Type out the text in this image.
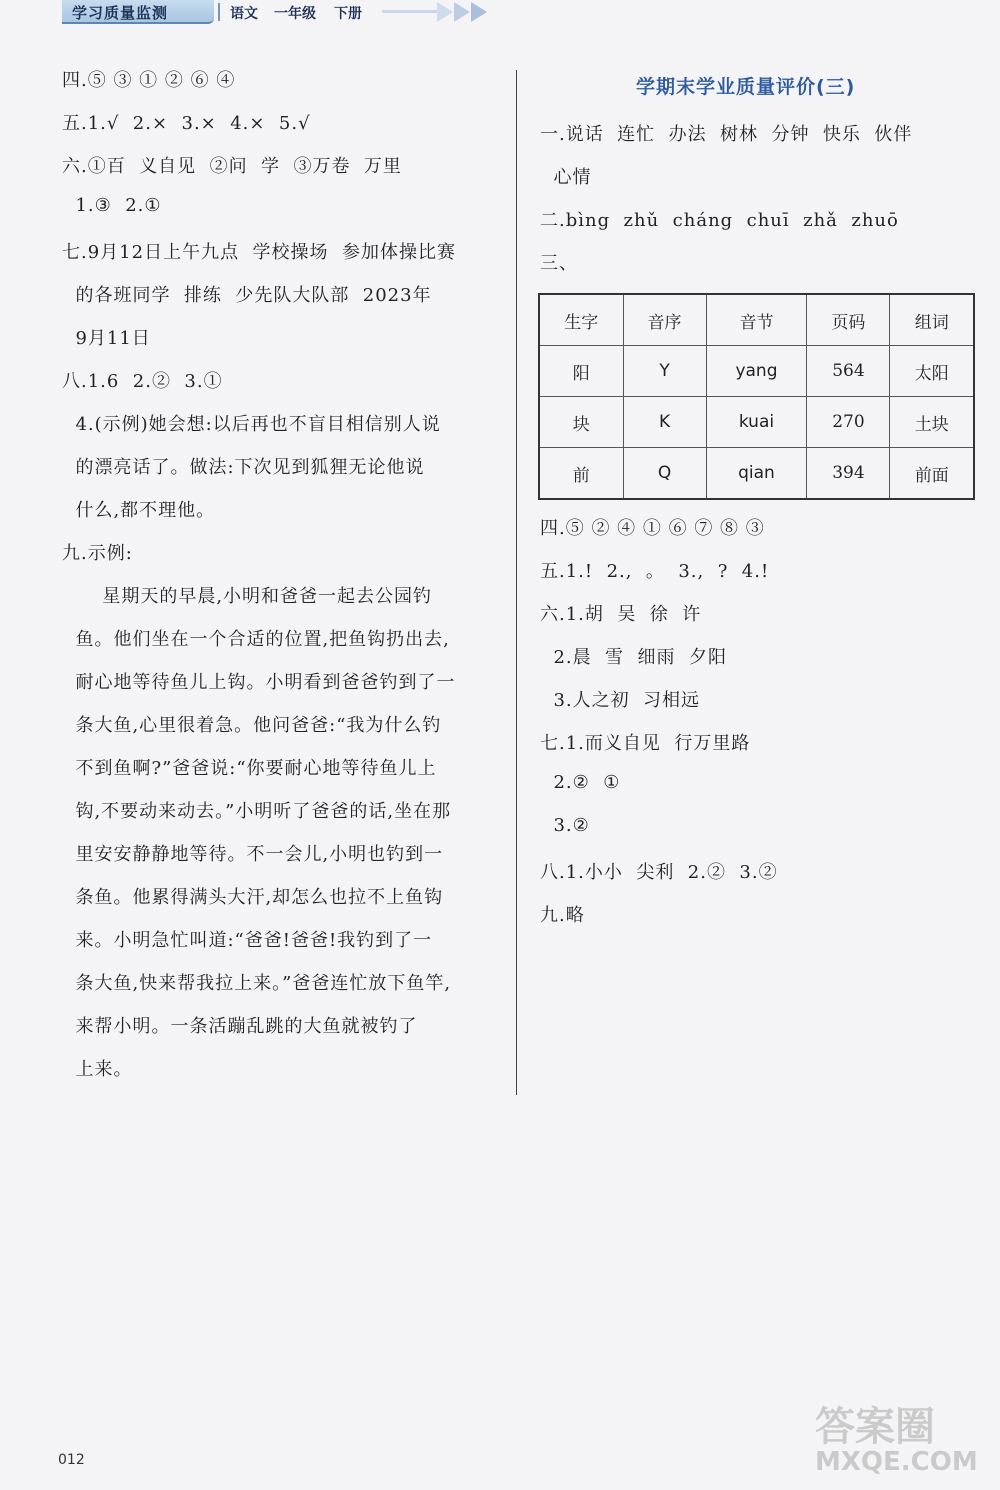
学习质量监测	语文 一年级 下册
四.⑤ ③ ① ② ⑥ ④
五.1.√  2.×  3.×  4.×  5.√
六.①百  义自见  ②问  学  ③万卷  万里
1.③  2.①
七.9月12日上午九点  学校操场  参加体操比赛
的各班同学  排练  少先队大队部  2023年
9月11日
八.1.6  2.②  3.①
4.(示例)她会想:以后再也不盲目相信别人说
的漂亮话了。做法:下次见到狐狸无论他说
什么,都不理他。
九.示例:
星期天的早晨,小明和爸爸一起去公园钓
鱼。他们坐在一个合适的位置,把鱼钩扔出去,
耐心地等待鱼儿上钩。小明看到爸爸钓到了一
条大鱼,心里很着急。他问爸爸:“我为什么钓
不到鱼啊?”爸爸说:“你要耐心地等待鱼儿上
钩,不要动来动去。”小明听了爸爸的话,坐在那
里安安静静地等待。不一会儿,小明也钓到一
条鱼。他累得满头大汗,却怎么也拉不上鱼钩
来。小明急忙叫道:“爸爸!爸爸!我钓到了一
条大鱼,快来帮我拉上来。”爸爸连忙放下鱼竿,
来帮小明。一条活蹦乱跳的大鱼就被钓了
上来。
学期末学业质量评价(三)
一.说话  连忙  办法  树林  分钟  快乐  伙伴
心情
二.bìng  zhǔ  cháng  chuī  zhǎ  zhuō
三、
生字	音序	音节	页码	组词
阳	Y	yang	564	太阳
块	K	kuai	270	土块
前	Q	qian	394	前面
四.⑤ ② ④ ① ⑥ ⑦ ⑧ ③
五.1.!  2.,  。  3.,  ?  4.!
六.1.胡  吴  徐  许
2.晨  雪  细雨  夕阳
3.人之初  习相远
七.1.而义自见  行万里路
2.②  ①
3.②
八.1.小小  尖利  2.②  3.②
九.略
012
答案圈
MXQE.COM
